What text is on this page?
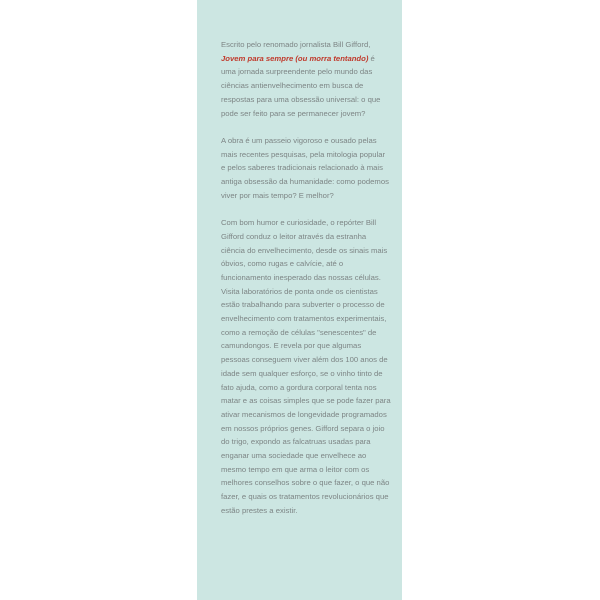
Escrito pelo renomado jornalista Bill Gifford, Jovem para sempre (ou morra tentando) é uma jornada surpreendente pelo mundo das ciências antienvelhecimento em busca de respostas para uma obsessão universal: o que pode ser feito para se permanecer jovem?

A obra é um passeio vigoroso e ousado pelas mais recentes pesquisas, pela mitologia popular e pelos saberes tradicionais relacionado à mais antiga obsessão da humanidade: como podemos viver por mais tempo? E melhor?

Com bom humor e curiosidade, o repórter Bill Gifford conduz o leitor através da estranha ciência do envelhecimento, desde os sinais mais óbvios, como rugas e calvície, até o funcionamento inesperado das nossas células. Visita laboratórios de ponta onde os cientistas estão trabalhando para subverter o processo de envelhecimento com tratamentos experimentais, como a remoção de células "senescentes" de camundongos. E revela por que algumas pessoas conseguem viver além dos 100 anos de idade sem qualquer esforço, se o vinho tinto de fato ajuda, como a gordura corporal tenta nos matar e as coisas simples que se pode fazer para ativar mecanismos de longevidade programados em nossos próprios genes. Gifford separa o joio do trigo, expondo as falcatruas usadas para enganar uma sociedade que envelhece ao mesmo tempo em que arma o leitor com os melhores conselhos sobre o que fazer, o que não fazer, e quais os tratamentos revolucionários que estão prestes a existir.
